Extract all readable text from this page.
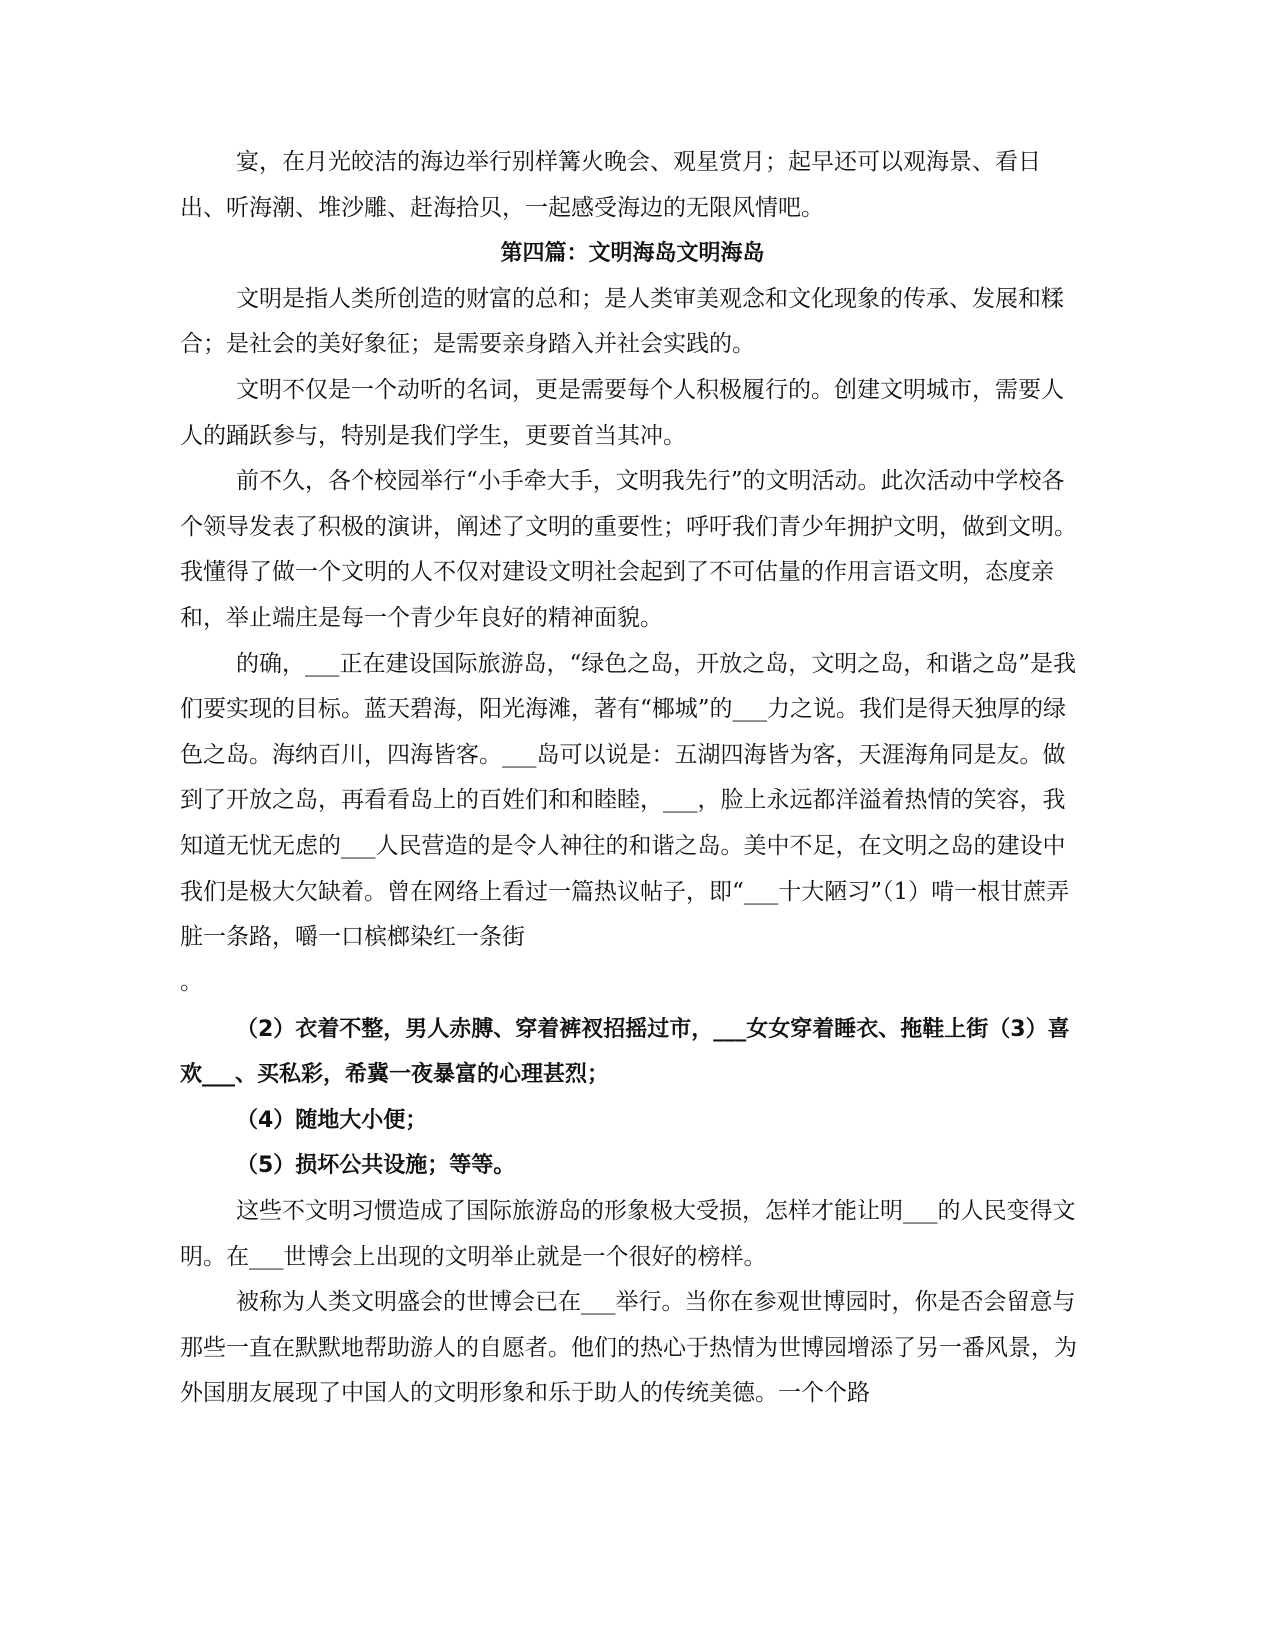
宴，在月光皎洁的海边举行别样篝火晚会、观星赏月；起早还可以观海景、看日出、听海潮、堆沙雕、赶海拾贝，一起感受海边的无限风情吧。

第四篇：文明海岛文明海岛

文明是指人类所创造的财富的总和；是人类审美观念和文化现象的传承、发展和糅合；是社会的美好象征；是需要亲身踏入并社会实践的。

文明不仅是一个动听的名词，更是需要每个人积极履行的。创建文明城市，需要人人的踊跃参与，特别是我们学生，更要首当其冲。

前不久，各个校园举行“小手牵大手，文明我先行”的文明活动。此次活动中学校各个领导发表了积极的演讲，阐述了文明的重要性；呼吁我们青少年拥护文明，做到文明。我懂得了做一个文明的人不仅对建设文明社会起到了不可估量的作用言语文明，态度亲和，举止端庄是每一个青少年良好的精神面貌。

的确，___正在建设国际旅游岛，“绿色之岛，开放之岛，文明之岛，和谐之岛”是我们要实现的目标。蓝天碧海，阳光海滩，著有“椰城”的___力之说。我们是得天独厚的绿色之岛。海纳百川，四海皆客。___岛可以说是：五湖四海皆为客，天涯海角同是友。做到了开放之岛，再看看岛上的百姓们和和睦睦，___，脸上永远都洋溢着热情的笑容，我知道无忧无虑的___人民营造的是令人神往的和谐之岛。美中不足，在文明之岛的建设中我们是极大欠缺着。曾在网络上看过一篇热议帖子，即“___十大陋习”（1）啃一根甘蔗弄脏一条路，嚼一口槟榔染红一条街

。

（2）衣着不整，男人赤膊、穿着裤衩招摇过市，___女女穿着睡衣、拖鞋上街（3）喜欢___、买私彩，希冀一夜暴富的心理甚烈；

（4）随地大小便；

（5）损坏公共设施；等等。

这些不文明习惯造成了国际旅游岛的形象极大受损，怎样才能让明___的人民变得文明。在___世博会上出现的文明举止就是一个很好的榜样。

被称为人类文明盛会的世博会已在___举行。当你在参观世博园时，你是否会留意与那些一直在默默地帮助游人的自愿者。他们的热心于热情为世博园增添了另一番风景，为外国朋友展现了中国人的文明形象和乐于助人的传统美德。一个个路
